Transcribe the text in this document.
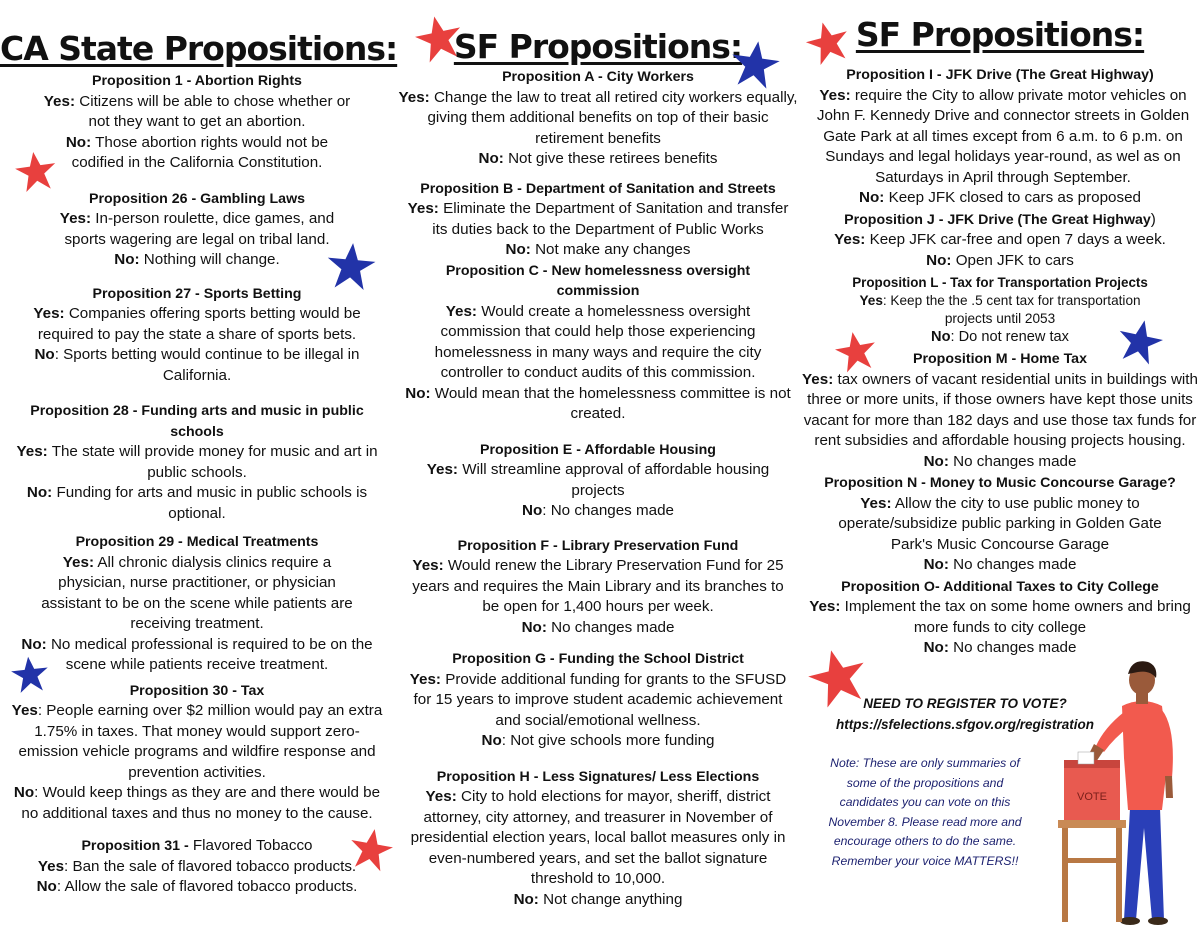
CA State Propositions:

Proposition 1 - Abortion Rights

Yes: Citizens will be able to chose whether or not they want to get an abortion.

No: Those abortion rights would not be codified in the California Constitution.

Proposition 26 - Gambling Laws

Yes: In-person roulette, dice games, and sports wagering are legal on tribal land.

No: Nothing will change.

Proposition 27 - Sports Betting

Yes: Companies offering sports betting would be required to pay the state a share of sports bets.

No: Sports betting would continue to be illegal in California.

Proposition 28 - Funding arts and music in public schools

Yes: The state will provide money for music and art in public schools.

No: Funding for arts and music in public schools is optional.

Proposition 29 - Medical Treatments

Yes: All chronic dialysis clinics require a physician, nurse practitioner, or physician assistant to be on the scene while patients are receiving treatment.

No: No medical professional is required to be on the scene while patients receive treatment.

Proposition 30 - Tax

Yes: People earning over $2 million would pay an extra 1.75% in taxes. That money would support zero-emission vehicle programs and wildfire response and prevention activities.

No: Would keep things as they are and there would be no additional taxes and thus no money to the cause.

Proposition 31 - Flavored Tobacco

Yes: Ban the sale of flavored tobacco products.

No: Allow the sale of flavored tobacco products.

SF Propositions:

Proposition A - City Workers

Yes: Change the law to treat all retired city workers equally, giving them additional benefits on top of their basic retirement benefits

No: Not give these retirees benefits

Proposition B - Department of Sanitation and Streets

Yes: Eliminate the Department of Sanitation and transfer its duties back to the Department of Public Works

No: Not make any changes

Proposition C - New homelessness oversight commission

Yes: Would create a homelessness oversight commission that could help those experiencing homelessness in many ways and require the city controller to conduct audits of this commission.

No: Would mean that the homelessness committee is not created.

Proposition E - Affordable Housing

Yes: Will streamline approval of affordable housing projects

No: No changes made

Proposition F - Library Preservation Fund

Yes: Would renew the Library Preservation Fund for 25 years and requires the Main Library and its branches to be open for 1,400 hours per week.

No: No changes made

Proposition G - Funding the School District

Yes: Provide additional funding for grants to the SFUSD for 15 years to improve student academic achievement and social/emotional wellness.

No: Not give schools more funding

Proposition H - Less Signatures/ Less Elections

Yes: City to hold elections for mayor, sheriff, district attorney, city attorney, and treasurer in November of presidential election years, local ballot measures only in even-numbered years, and set the ballot signature threshold to 10,000.

No: Not change anything

SF Propositions:

Proposition I - JFK Drive (The Great Highway)

Yes: require the City to allow private motor vehicles on John F. Kennedy Drive and connector streets in Golden Gate Park at all times except from 6 a.m. to 6 p.m. on Sundays and legal holidays year-round, as wel as on Saturdays in April through September.

No: Keep JFK closed to cars as proposed

Proposition J - JFK Drive (The Great Highway)

Yes: Keep JFK car-free and open 7 days a week.

No: Open JFK to cars

Proposition L - Tax for Transportation Projects

Yes: Keep the the .5 cent tax for transportation projects until 2053

No: Do not renew tax

Proposition M - Home Tax

Yes: tax owners of vacant residential units in buildings with three or more units, if those owners have kept those units vacant for more than 182 days and use those tax funds for rent subsidies and affordable housing projects housing.

No: No changes made

Proposition N - Money to Music Concourse Garage?

Yes: Allow the city to use public money to operate/subsidize public parking in Golden Gate Park's Music Concourse Garage

No: No changes made

Proposition O- Additional Taxes to City College

Yes: Implement the tax on some home owners and bring more funds to city college

No: No changes made

NEED TO REGISTER TO VOTE?
https://sfelections.sfgov.org/registration
Note: These are only summaries of some of the propositions and candidates you can vote on this November 8. Please read more and encourage others to do the same. Remember your voice MATTERS!!
VOTE
